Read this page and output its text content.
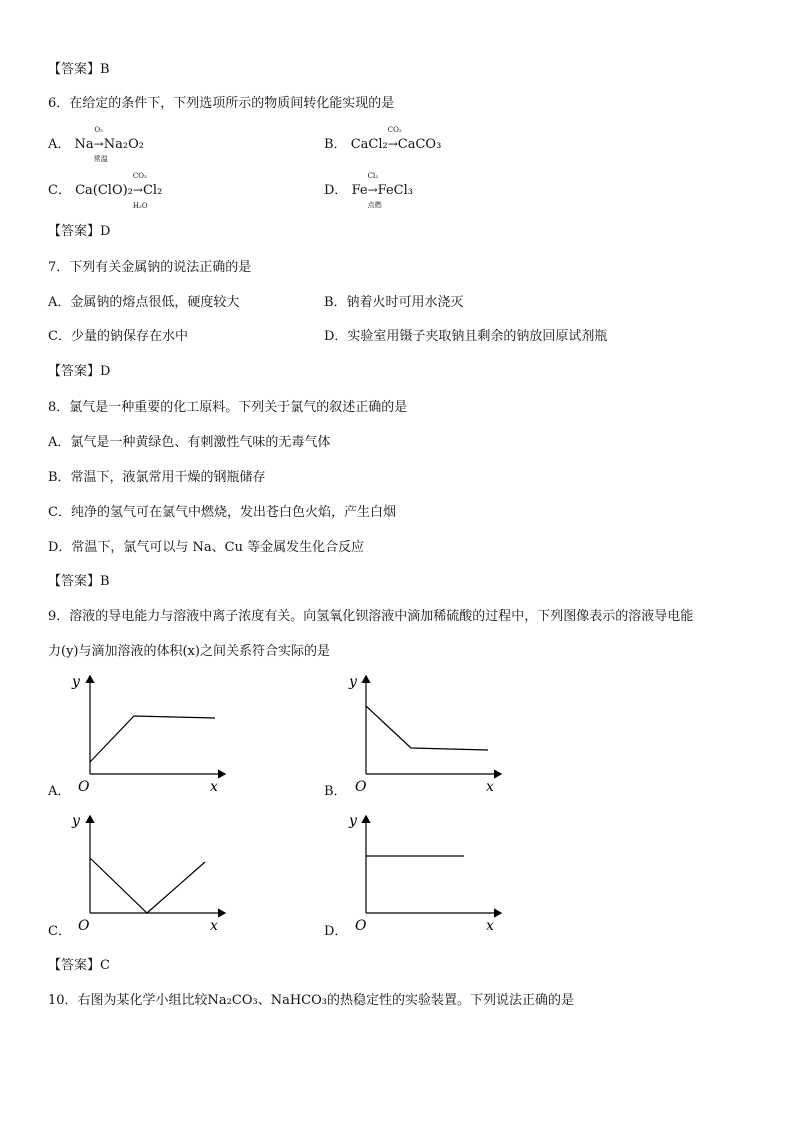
【答案】B
6．在给定的条件下，下列选项所示的物质间转化能实现的是
A． Na
O₂
→
常温
Na₂O₂	B． CaCl₂
CO₂
→
CaCO₃
C． Ca(ClO)₂
CO₂
→
H₂O
Cl₂	D． Fe
Cl₂
→
点燃
FeCl₃
【答案】D
7．下列有关金属钠的说法正确的是
A．金属钠的熔点很低，硬度较大	B．钠着火时可用水浇灭
C．少量的钠保存在水中	D．实验室用镊子夹取钠且剩余的钠放回原试剂瓶
【答案】D
8．氯气是一种重要的化工原料。下列关于氯气的叙述正确的是
A．氯气是一种黄绿色、有刺激性气味的无毒气体
B．常温下，液氯常用干燥的钢瓶储存
C．纯净的氢气可在氯气中燃烧，发出苍白色火焰，产生白烟
D．常温下，氯气可以与 Na、Cu 等金属发生化合反应
【答案】B
9．溶液的导电能力与溶液中离子浓度有关。向氢氧化钡溶液中滴加稀硫酸的过程中，下列图像表示的溶液导电能
力(y)与滴加溶液的体积(x)之间关系符合实际的是
y
O	x
A．
y
O	x
B．
y
O	x
C．
y
O	x
D．
【答案】C
10．右图为某化学小组比较Na₂CO₃、NaHCO₃的热稳定性的实验装置。下列说法正确的是
